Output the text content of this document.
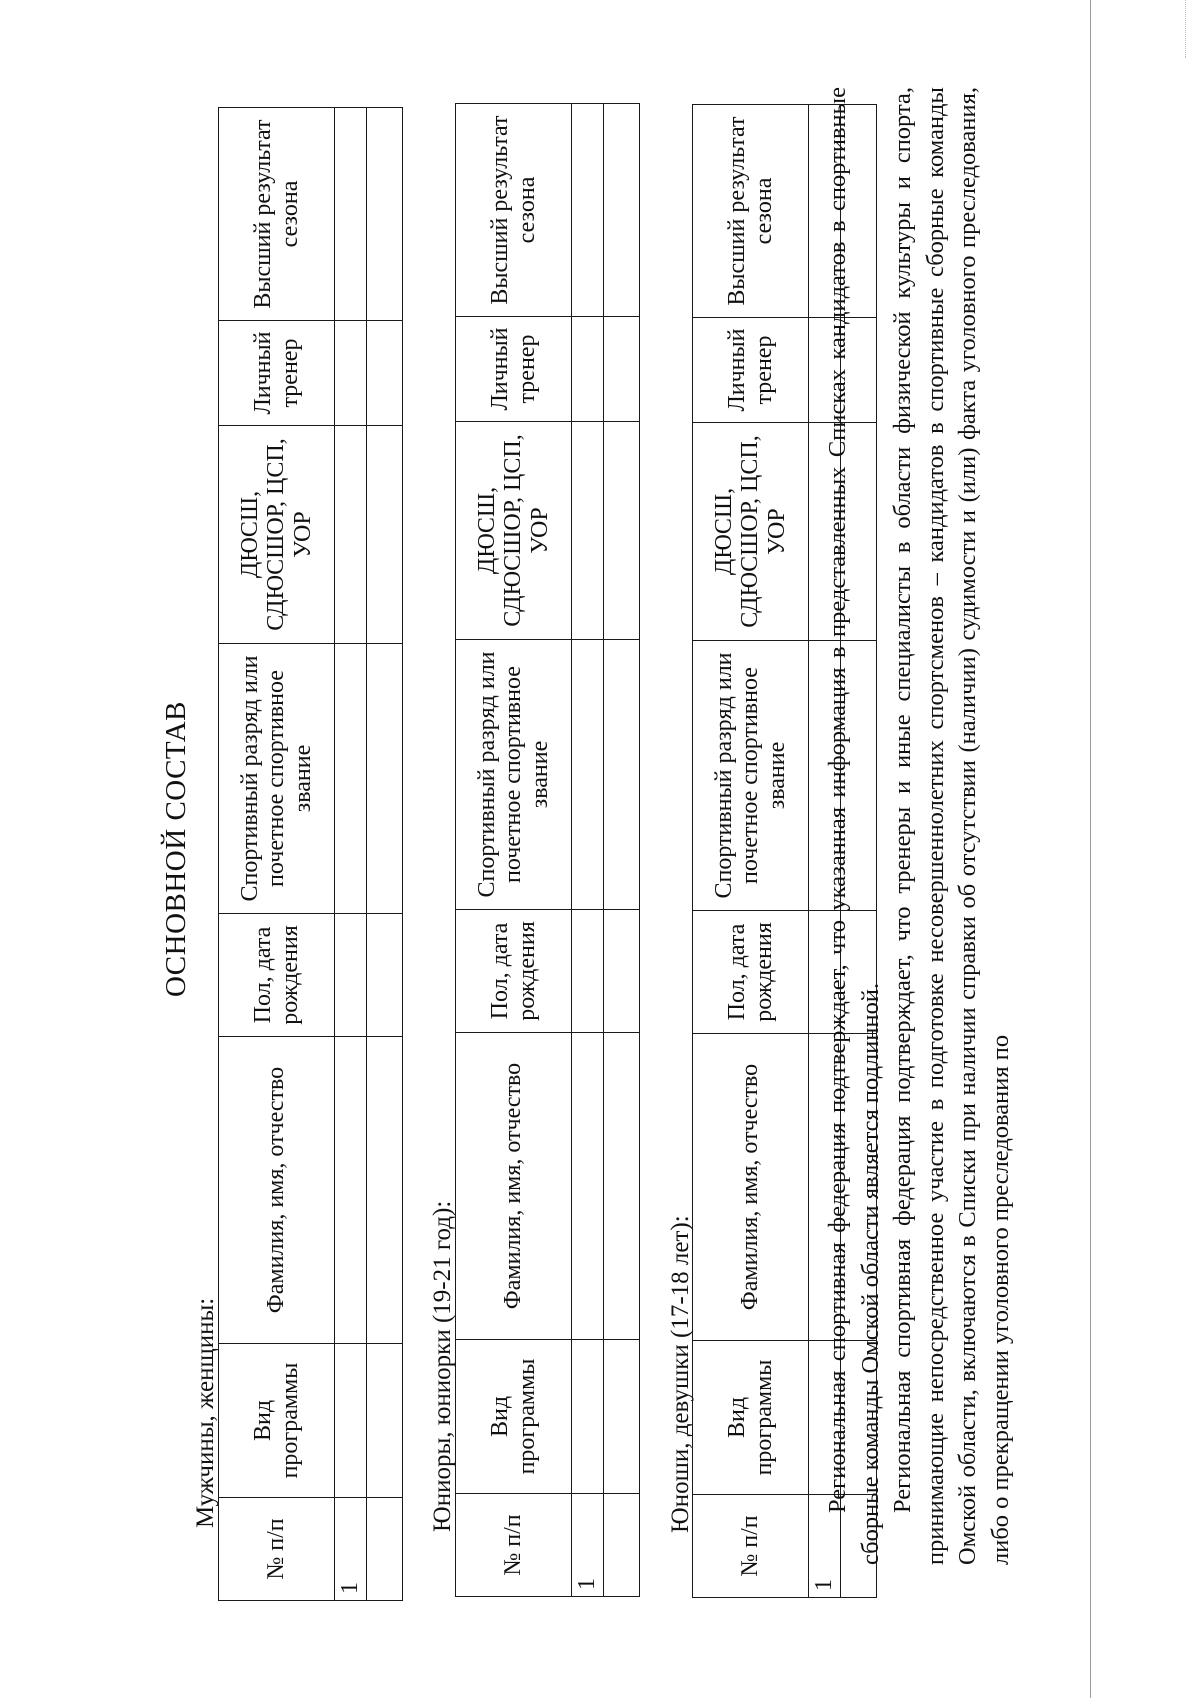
ОСНОВНОЙ СОСТАВ
Мужчины, женщины:
№ п/п	Вид программы	Фамилия, имя, отчество	Пол, дата рождения	Спортивный разряд или почетное спортивное звание	ДЮСШ, СДЮСШОР, ЦСП, УОР	Личный тренер	Высший результат сезона
1							

Юниоры, юниорки (19-21 год):
№ п/п	Вид программы	Фамилия, имя, отчество	Пол, дата рождения	Спортивный разряд или почетное спортивное звание	ДЮСШ, СДЮСШОР, ЦСП, УОР	Личный тренер	Высший результат сезона
1							

Юноши, девушки (17-18 лет):
№ п/п	Вид программы	Фамилия, имя, отчество	Пол, дата рождения	Спортивный разряд или почетное спортивное звание	ДЮСШ, СДЮСШОР, ЦСП, УОР	Личный тренер	Высший результат сезона
1							

Региональная спортивная федерация подтверждает, что указанная информация в представленных Списках кандидатов в спортивные сборные команды Омской области является подлинной. Региональная спортивная федерация подтверждает, что тренеры и иные специалисты в области физической культуры и спорта, принимающие непосредственное участие в подготовке несовершеннолетних спортсменов – кандидатов в спортивные сборные команды Омской области, включаются в Списки при наличии справки об отсутствии (наличии) судимости и (или) факта уголовного преследования, либо о прекращении уголовного преследования по
